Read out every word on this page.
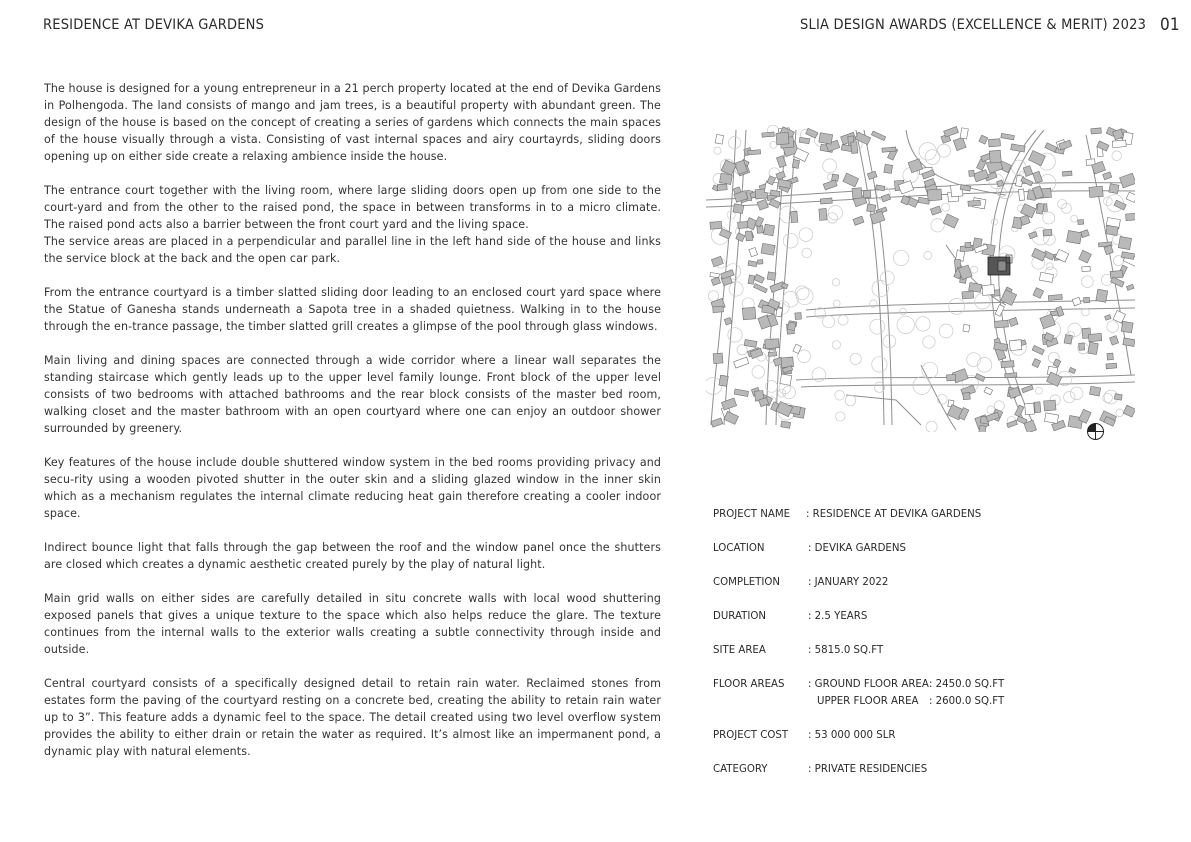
RESIDENCE AT DEVIKA GARDENS	SLIA DESIGN AWARDS (EXCELLENCE & MERIT) 2023 01

The house is designed for a young entrepreneur in a 21 perch property located at the end of Devika Gardens in Polhengoda. The land consists of mango and jam trees, is a beautiful property with abundant green. The design of the house is based on the concept of creating a series of gardens which connects the main spaces of the house visually through a vista. Consisting of vast internal spaces and airy courtayrds, sliding doors opening up on either side create a relaxing ambience inside the house.

The entrance court together with the living room, where large sliding doors open up from one side to the court-yard and from the other to the raised pond, the space in between transforms in to a micro climate. The raised pond acts also a barrier between the front court yard and the living space.

The service areas are placed in a perpendicular and parallel line in the left hand side of the house and links the service block at the back and the open car park.

From the entrance courtyard is a timber slatted sliding door leading to an enclosed court yard space where the Statue of Ganesha stands underneath a Sapota tree in a shaded quietness. Walking in to the house through the en-trance passage, the timber slatted grill creates a glimpse of the pool through glass windows.

Main living and dining spaces are connected through a wide corridor where a linear wall separates the standing staircase which gently leads up to the upper level family lounge. Front block of the upper level consists of two bedrooms with attached bathrooms and the rear block consists of the master bed room, walking closet and the master bathroom with an open courtyard where one can enjoy an outdoor shower surrounded by greenery.

Key features of the house include double shuttered window system in the bed rooms providing privacy and secu-rity using a wooden pivoted shutter in the outer skin and a sliding glazed window in the inner skin which as a mechanism regulates the internal climate reducing heat gain therefore creating a cooler indoor space.

Indirect bounce light that falls through the gap between the roof and the window panel once the shutters are closed which creates a dynamic aesthetic created purely by the play of natural light.

Main grid walls on either sides are carefully detailed in situ concrete walls with local wood shuttering exposed panels that gives a unique texture to the space which also helps reduce the glare. The texture continues from the internal walls to the exterior walls creating a subtle connectivity through inside and outside.

Central courtyard consists of a specifically designed detail to retain rain water. Reclaimed stones from estates form the paving of the courtyard resting on a concrete bed, creating the ability to retain rain water up to 3”. This feature adds a dynamic feel to the space. The detail created using two level overflow system provides the ability to either drain or retain the water as required. It’s almost like an impermanent pond, a dynamic play with natural elements.

PROJECT NAME : RESIDENCE AT DEVIKA GARDENS
LOCATION	: DEVIKA GARDENS
COMPLETION	: JANUARY 2022
DURATION	: 2.5 YEARS
SITE AREA	: 5815.0 SQ.FT
FLOOR AREAS : GROUND FLOOR AREA : 2450.0 SQ.FT
UPPER FLOOR AREA : 2600.0 SQ.FT
PROJECT COST : 53 000 000 SLR
CATEGORY	: PRIVATE RESIDENCIES
